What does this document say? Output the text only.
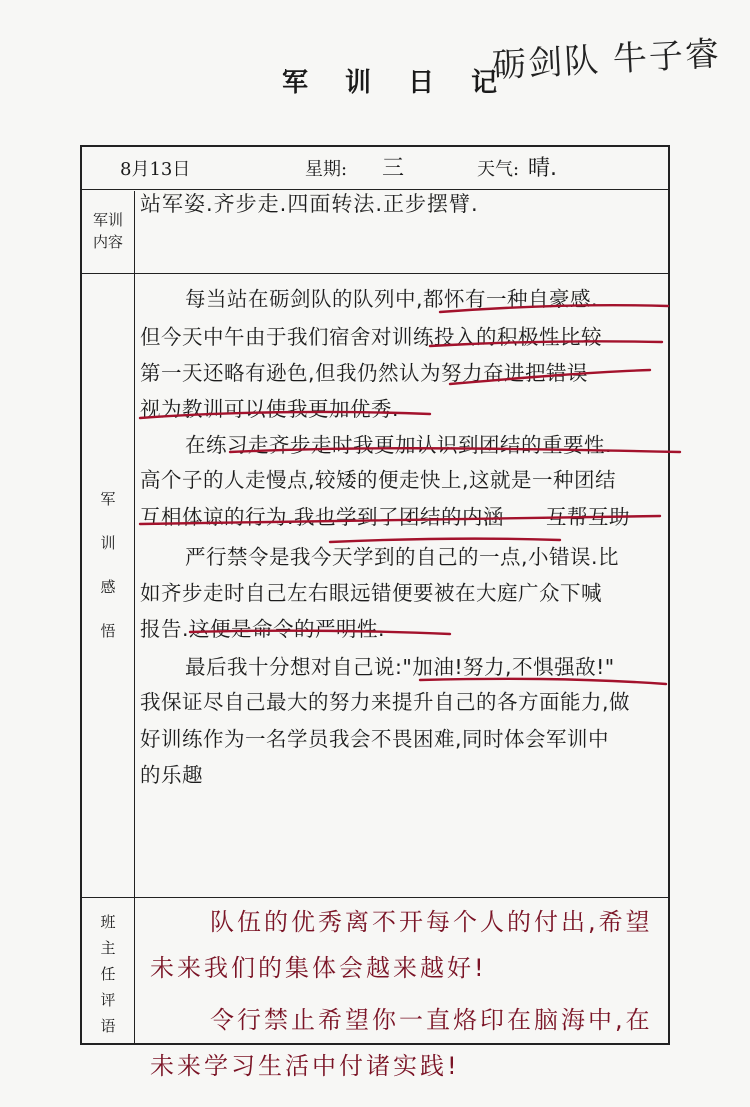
军 训 日 记
砺剑队 牛子睿
8月13日	星期: 三	天气: 晴.
军训
内容
军
训
感
悟
班
主
任
评
语
站军姿.齐步走.四面转法.正步摆臂.
每当站在砺剑队的队列中,都怀有一种自豪感.
但今天中午由于我们宿舍对训练投入的积极性比较
第一天还略有逊色,但我仍然认为努力奋进把错误
视为教训可以使我更加优秀.
在练习走齐步走时我更加认识到团结的重要性.
高个子的人走慢点,较矮的便走快上,这就是一种团结
互相体谅的行为.我也学到了团结的内涵——互帮互助
严行禁令是我今天学到的自己的一点,小错误.比
如齐步走时自己左右眼远错便要被在大庭广众下喊
报告.这便是命令的严明性.
最后我十分想对自己说:"加油!努力,不惧强敌!"
我保证尽自己最大的努力来提升自己的各方面能力,做
好训练作为一名学员我会不畏困难,同时体会军训中
的乐趣
队伍的优秀离不开每个人的付出,希望
未来我们的集体会越来越好!
令行禁止希望你一直烙印在脑海中,在
未来学习生活中付诸实践!
